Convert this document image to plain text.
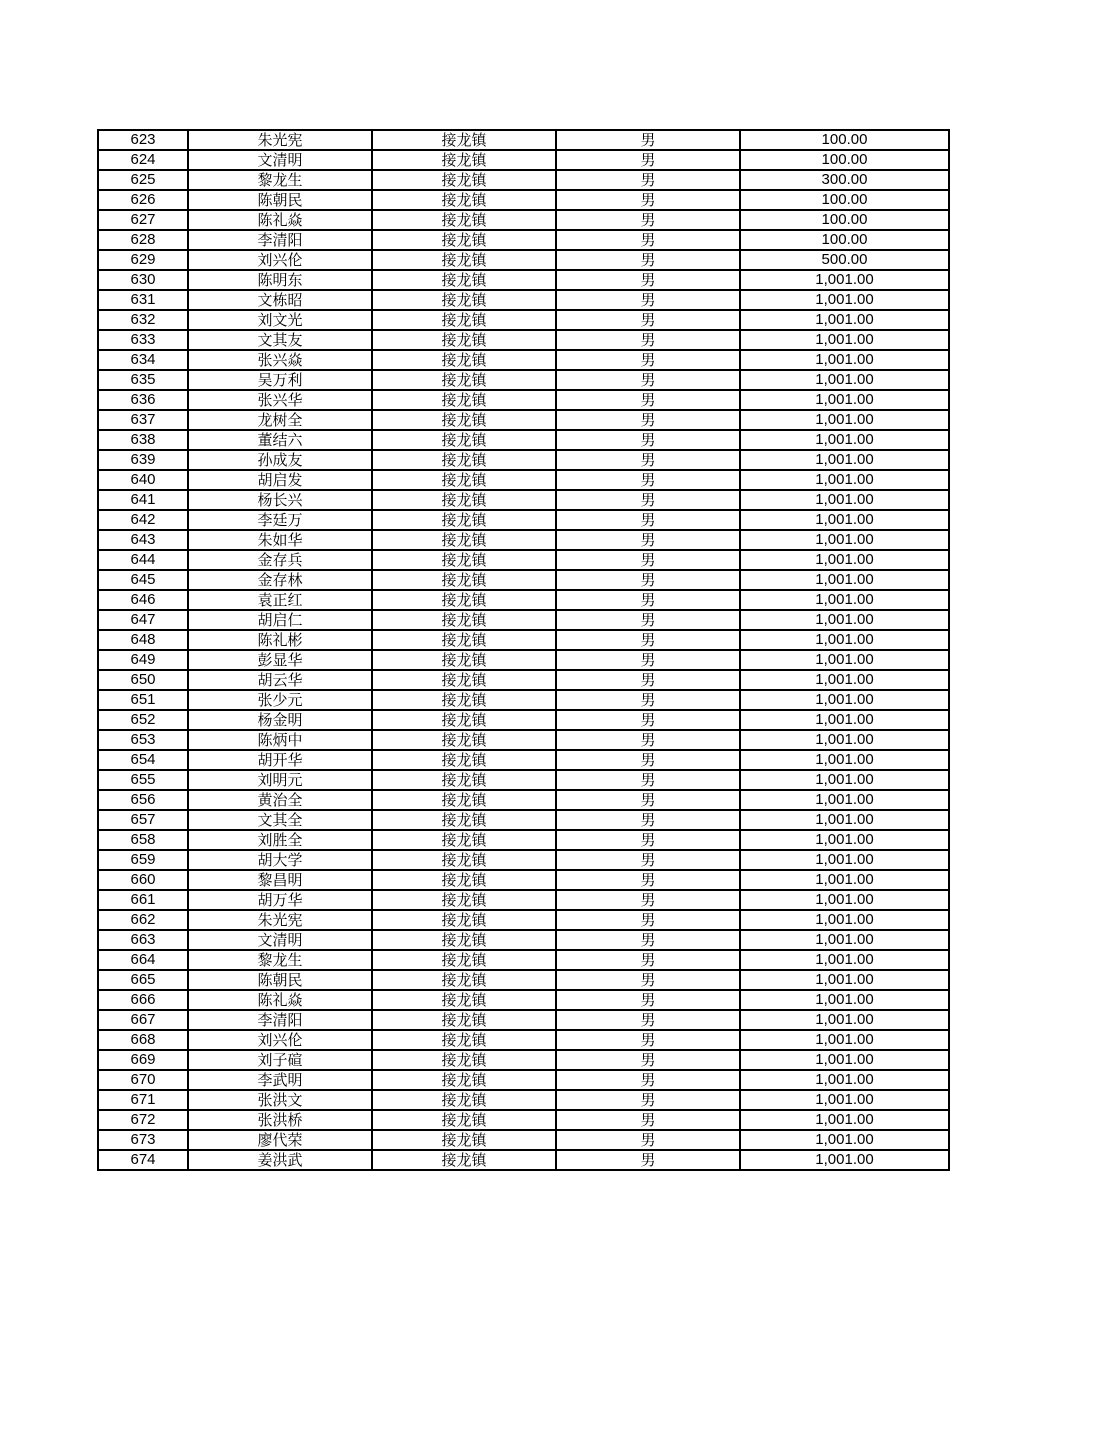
623	朱光宪	接龙镇	男	100.00
624	文清明	接龙镇	男	100.00
625	黎龙生	接龙镇	男	300.00
626	陈朝民	接龙镇	男	100.00
627	陈礼焱	接龙镇	男	100.00
628	李清阳	接龙镇	男	100.00
629	刘兴伦	接龙镇	男	500.00
630	陈明东	接龙镇	男	1,001.00
631	文栋昭	接龙镇	男	1,001.00
632	刘文光	接龙镇	男	1,001.00
633	文其友	接龙镇	男	1,001.00
634	张兴焱	接龙镇	男	1,001.00
635	吴万利	接龙镇	男	1,001.00
636	张兴华	接龙镇	男	1,001.00
637	龙树全	接龙镇	男	1,001.00
638	董结六	接龙镇	男	1,001.00
639	孙成友	接龙镇	男	1,001.00
640	胡启发	接龙镇	男	1,001.00
641	杨长兴	接龙镇	男	1,001.00
642	李廷万	接龙镇	男	1,001.00
643	朱如华	接龙镇	男	1,001.00
644	金存兵	接龙镇	男	1,001.00
645	金存林	接龙镇	男	1,001.00
646	袁正红	接龙镇	男	1,001.00
647	胡启仁	接龙镇	男	1,001.00
648	陈礼彬	接龙镇	男	1,001.00
649	彭显华	接龙镇	男	1,001.00
650	胡云华	接龙镇	男	1,001.00
651	张少元	接龙镇	男	1,001.00
652	杨金明	接龙镇	男	1,001.00
653	陈炳中	接龙镇	男	1,001.00
654	胡开华	接龙镇	男	1,001.00
655	刘明元	接龙镇	男	1,001.00
656	黄治全	接龙镇	男	1,001.00
657	文其全	接龙镇	男	1,001.00
658	刘胜全	接龙镇	男	1,001.00
659	胡大学	接龙镇	男	1,001.00
660	黎昌明	接龙镇	男	1,001.00
661	胡万华	接龙镇	男	1,001.00
662	朱光宪	接龙镇	男	1,001.00
663	文清明	接龙镇	男	1,001.00
664	黎龙生	接龙镇	男	1,001.00
665	陈朝民	接龙镇	男	1,001.00
666	陈礼焱	接龙镇	男	1,001.00
667	李清阳	接龙镇	男	1,001.00
668	刘兴伦	接龙镇	男	1,001.00
669	刘子碹	接龙镇	男	1,001.00
670	李武明	接龙镇	男	1,001.00
671	张洪文	接龙镇	男	1,001.00
672	张洪桥	接龙镇	男	1,001.00
673	廖代荣	接龙镇	男	1,001.00
674	姜洪武	接龙镇	男	1,001.00
